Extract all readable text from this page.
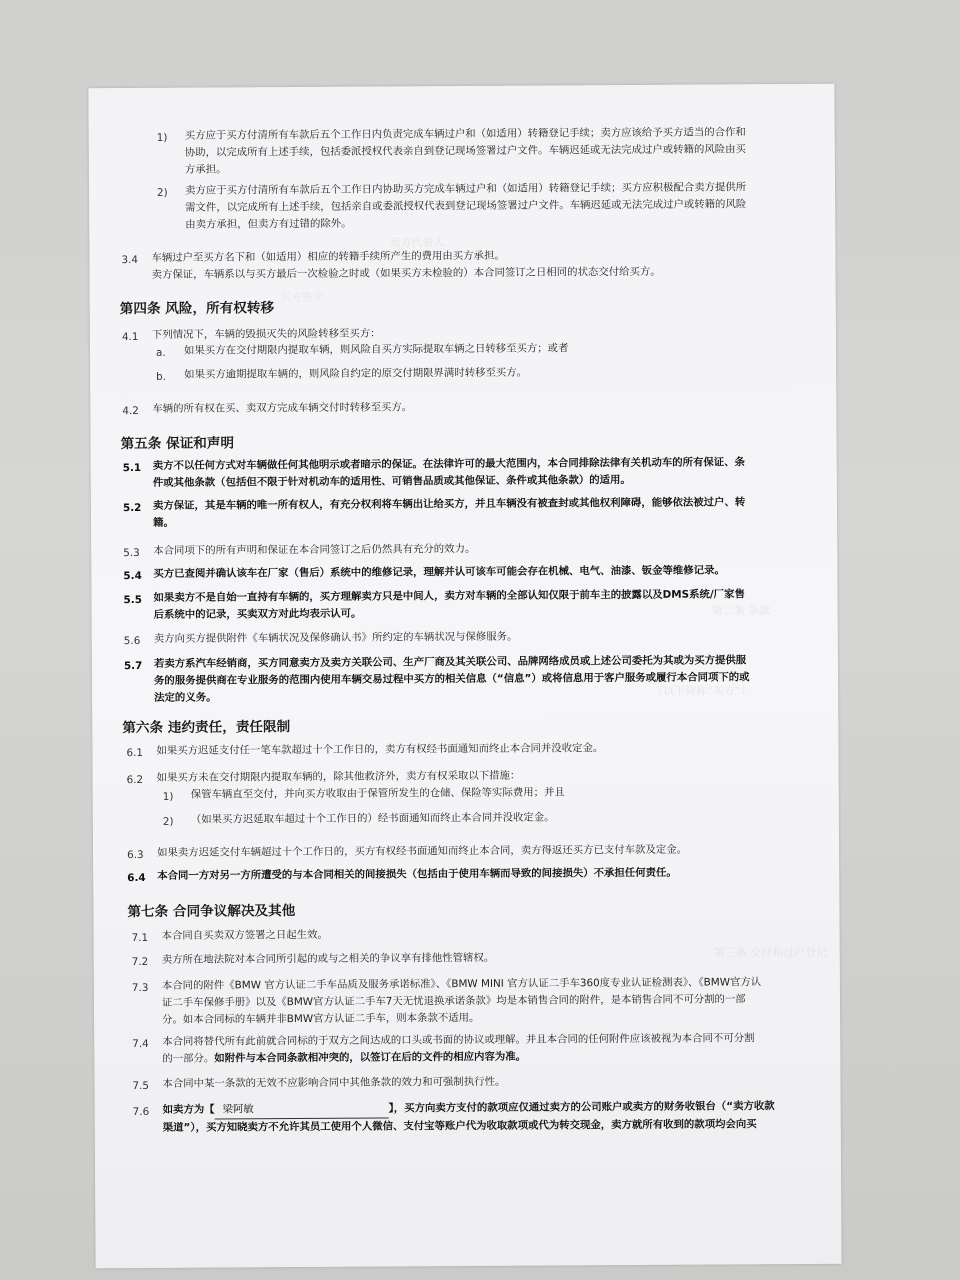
卖方代表人
买方签字
第二条 条款
（以下简称“买方”）
第三条 交付和过户登记
1) 买方应于买方付清所有车款后五个工作日内负责完成车辆过户和（如适用）转籍登记手续；卖方应该给予买方适当的合作和
协助，以完成所有上述手续，包括委派授权代表亲自到登记现场签署过户文件。车辆迟延或无法完成过户或转籍的风险由买
方承担。
2) 卖方应于买方付清所有车款后五个工作日内协助买方完成车辆过户和（如适用）转籍登记手续；买方应积极配合卖方提供所
需文件，以完成所有上述手续，包括亲自或委派授权代表到登记现场签署过户文件。车辆迟延或无法完成过户或转籍的风险
由卖方承担，但卖方有过错的除外。
3.4 车辆过户至买方名下和（如适用）相应的转籍手续所产生的费用由买方承担。
卖方保证，车辆系以与买方最后一次检验之时或（如果买方未检验的）本合同签订之日相同的状态交付给买方。
第四条 风险，所有权转移
4.1 下列情况下，车辆的毁损灭失的风险转移至买方：
a. 如果买方在交付期限内提取车辆，则风险自买方实际提取车辆之日转移至买方；或者
b. 如果买方逾期提取车辆的，则风险自约定的原交付期限界满时转移至买方。
4.2 车辆的所有权在买、卖双方完成车辆交付时转移至买方。
第五条 保证和声明
5.1 卖方不以任何方式对车辆做任何其他明示或者暗示的保证。在法律许可的最大范围内，本合同排除法律有关机动车的所有保证、条
件或其他条款（包括但不限于针对机动车的适用性、可销售品质或其他保证、条件或其他条款）的适用。
5.2 卖方保证，其是车辆的唯一所有权人，有充分权利将车辆出让给买方，并且车辆没有被查封或其他权利障碍，能够依法被过户、转
籍。
5.3 本合同项下的所有声明和保证在本合同签订之后仍然具有充分的效力。
5.4 买方已查阅并确认该车在厂家（售后）系统中的维修记录，理解并认可该车可能会存在机械、电气、油漆、钣金等维修记录。
5.5 如果卖方不是自始一直持有车辆的，买方理解卖方只是中间人，卖方对车辆的全部认知仅限于前车主的披露以及DMS系统/厂家售
后系统中的记录，买卖双方对此均表示认可。
5.6 卖方向买方提供附件《车辆状况及保修确认书》所约定的车辆状况与保修服务。
5.7 若卖方系汽车经销商，买方同意卖方及卖方关联公司、生产厂商及其关联公司、品牌网络成员或上述公司委托为其或为买方提供服
务的服务提供商在专业服务的范围内使用车辆交易过程中买方的相关信息（“信息”）或将信息用于客户服务或履行本合同项下的或
法定的义务。
第六条 违约责任，责任限制
6.1 如果买方迟延支付任一笔车款超过十个工作日的，卖方有权经书面通知而终止本合同并没收定金。
6.2 如果买方未在交付期限内提取车辆的，除其他救济外，卖方有权采取以下措施：
1) 保管车辆直至交付，并向买方收取由于保管所发生的仓储、保险等实际费用；并且
2) （如果买方迟延取车超过十个工作日的）经书面通知而终止本合同并没收定金。
6.3 如果卖方迟延交付车辆超过十个工作日的，买方有权经书面通知而终止本合同，卖方得返还买方已支付车款及定金。
6.4 本合同一方对另一方所遭受的与本合同相关的间接损失（包括由于使用车辆而导致的间接损失）不承担任何责任。
第七条 合同争议解决及其他
7.1 本合同自买卖双方签署之日起生效。
7.2 卖方所在地法院对本合同所引起的或与之相关的争议享有排他性管辖权。
7.3 本合同的附件《BMW 官方认证二手车品质及服务承诺标准》、《BMW MINI 官方认证二手车360度专业认证检测表》、《BMW官方认
证二手车保修手册》以及《BMW官方认证二手车7天无忧退换承诺条款》均是本销售合同的附件，是本销售合同不可分割的一部
分。如本合同标的车辆并非BMW官方认证二手车，则本条款不适用。
7.4 本合同将替代所有此前就合同标的于双方之间达成的口头或书面的协议或理解。并且本合同的任何附件应该被视为本合同不可分割
的一部分。如附件与本合同条款相冲突的，以签订在后的文件的相应内容为准。
7.5 本合同中某一条款的无效不应影响合同中其他条款的效力和可强制执行性。
7.6 如卖方为【 梁阿敏	】，买方向卖方支付的款项应仅通过卖方的公司账户或卖方的财务收银台（“卖方收款
渠道”），买方知晓卖方不允许其员工使用个人微信、支付宝等账户代为收取款项或代为转交现金，卖方就所有收到的款项均会向买
